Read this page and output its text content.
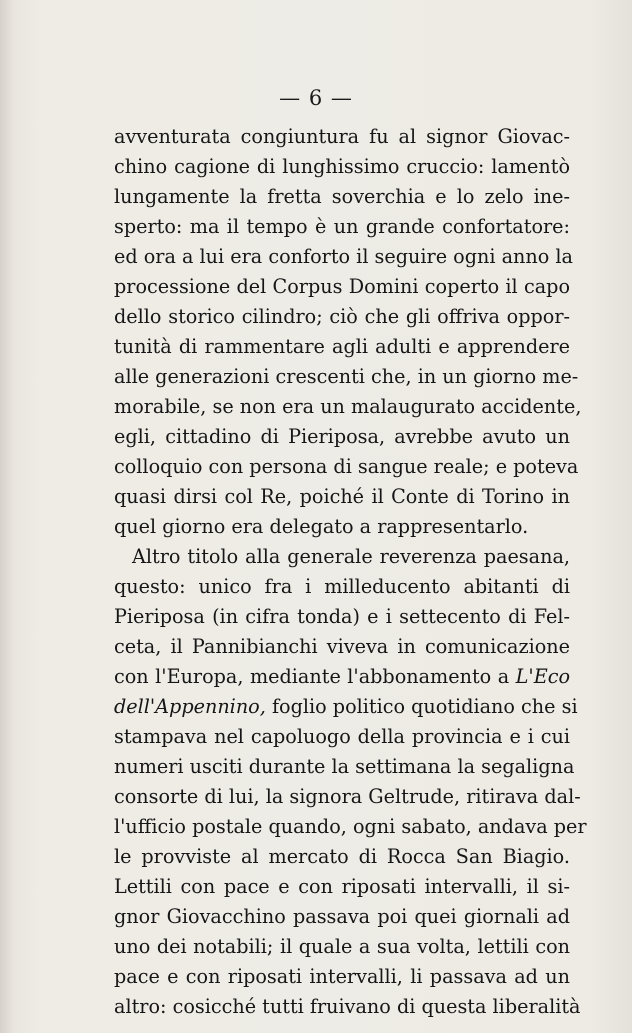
— 6 —
avventurata congiuntura fu al signor Giovac-
chino cagione di lunghissimo cruccio: lamentò
lungamente la fretta soverchia e lo zelo ine-
sperto: ma il tempo è un grande confortatore:
ed ora a lui era conforto il seguire ogni anno la
processione del Corpus Domini coperto il capo
dello storico cilindro; ciò che gli offriva oppor-
tunità di rammentare agli adulti e apprendere
alle generazioni crescenti che, in un giorno me-
morabile, se non era un malaugurato accidente,
egli, cittadino di Pieriposa, avrebbe avuto un
colloquio con persona di sangue reale; e poteva
quasi dirsi col Re, poiché il Conte di Torino in
quel giorno era delegato a rappresentarlo.
Altro titolo alla generale reverenza paesana,
questo: unico fra i milleducento abitanti di
Pieriposa (in cifra tonda) e i settecento di Fel-
ceta, il Pannibianchi viveva in comunicazione
con l'Europa, mediante l'abbonamento a L'Eco
dell'Appennino, foglio politico quotidiano che si
stampava nel capoluogo della provincia e i cui
numeri usciti durante la settimana la segaligna
consorte di lui, la signora Geltrude, ritirava dal-
l'ufficio postale quando, ogni sabato, andava per
le provviste al mercato di Rocca San Biagio.
Lettili con pace e con riposati intervalli, il si-
gnor Giovacchino passava poi quei giornali ad
uno dei notabili; il quale a sua volta, lettili con
pace e con riposati intervalli, li passava ad un
altro: cosicché tutti fruivano di questa liberalità
